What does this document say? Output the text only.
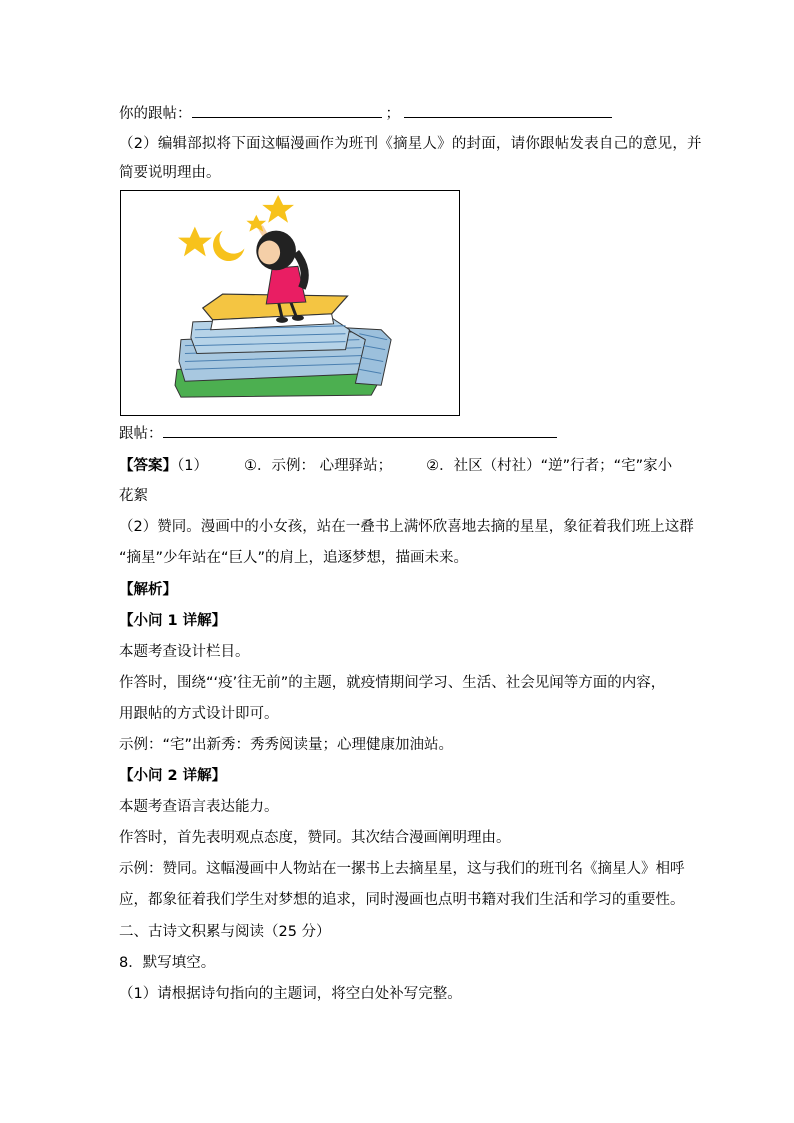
你的跟帖：	；
（2）编辑部拟将下面这幅漫画作为班刊《摘星人》的封面，请你跟帖发表自己的意见，并
简要说明理由。
跟帖：
【答案】（1） ①．示例： 心理驿站； ②．社区（村社）“逆”行者；“宅”家小
花絮
（2）赞同。漫画中的小女孩，站在一叠书上满怀欣喜地去摘的星星，象征着我们班上这群
“摘星”少年站在“巨人”的肩上，追逐梦想，描画未来。
【解析】
【小问 1 详解】
本题考查设计栏目。
作答时，围绕“‘疫’往无前”的主题，就疫情期间学习、生活、社会见闻等方面的内容，
用跟帖的方式设计即可。
示例：“宅”出新秀：秀秀阅读量；心理健康加油站。
【小问 2 详解】
本题考查语言表达能力。
作答时，首先表明观点态度，赞同。其次结合漫画阐明理由。
示例：赞同。这幅漫画中人物站在一摞书上去摘星星，这与我们的班刊名《摘星人》相呼
应，都象征着我们学生对梦想的追求，同时漫画也点明书籍对我们生活和学习的重要性。
二、古诗文积累与阅读（25 分）
8．默写填空。
（1）请根据诗句指向的主题词，将空白处补写完整。
